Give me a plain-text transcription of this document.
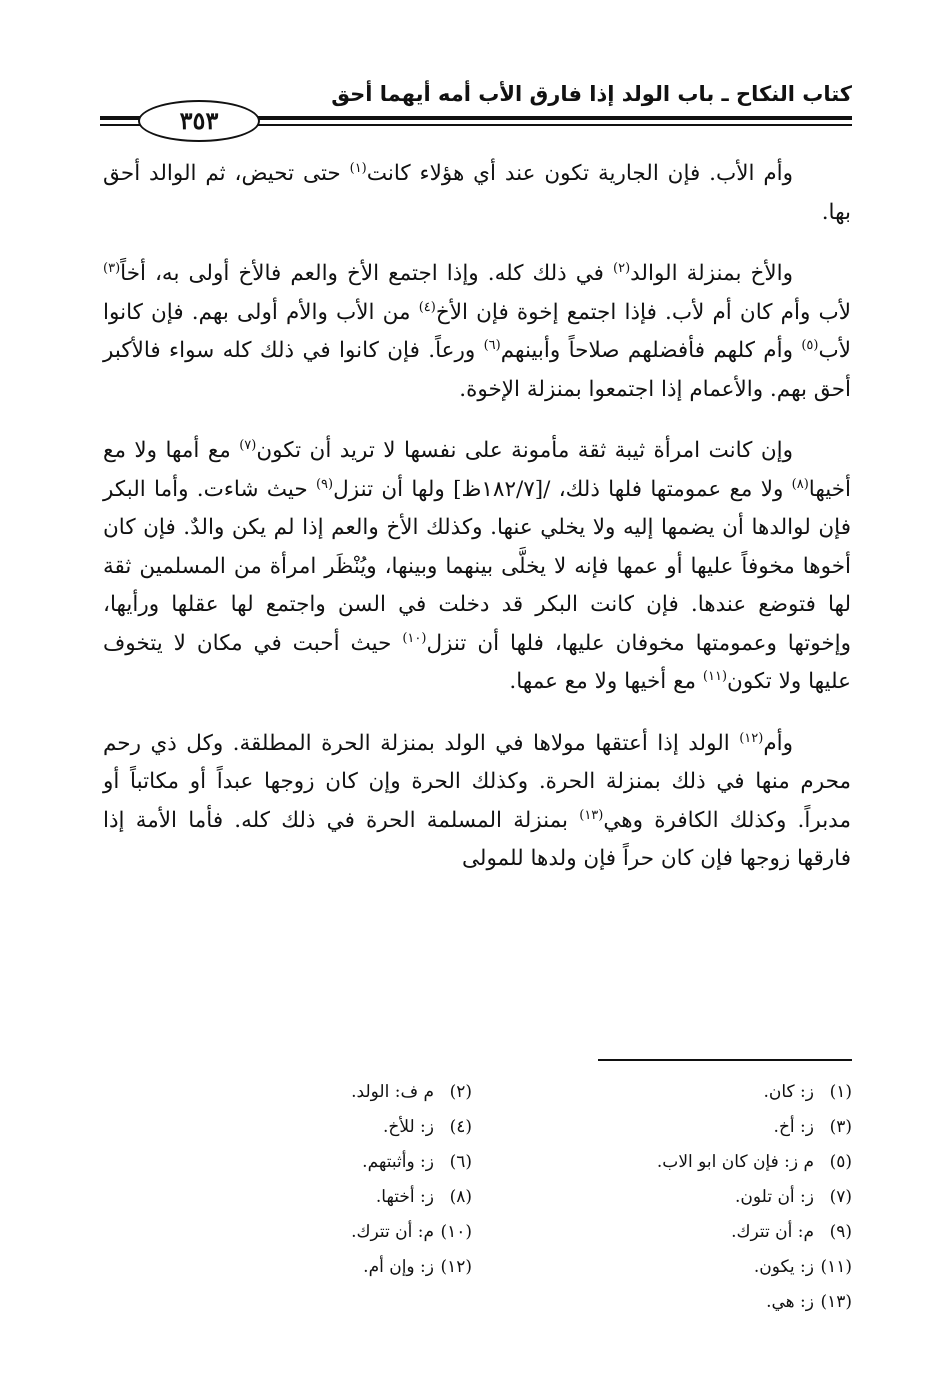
كتاب النكاح ـ باب الولد إذا فارق الأب أمه أيهما أحق
٣٥٣

وأم الأب. فإن الجارية تكون عند أي هؤلاء كانت$^{(١)}$ حتى تحيض، ثم الوالد أحق بها.

والأخ بمنزلة الوالد$^{(٢)}$ في ذلك كله. وإذا اجتمع الأخ والعم فالأخ أولى به، أخاً$^{(٣)}$ لأب وأم كان أم لأب. فإذا اجتمع إخوة فإن الأخ$^{(٤)}$ من الأب والأم أولى بهم. فإن كانوا لأب$^{(٥)}$ وأم كلهم فأفضلهم صلاحاً وأبينهم$^{(٦)}$ ورعاً. فإن كانوا في ذلك كله سواء فالأكبر أحق بهم. والأعمام إذا اجتمعوا بمنزلة الإخوة.

وإن كانت امرأة ثيبة ثقة مأمونة على نفسها لا تريد أن تكون$^{(٧)}$ مع أمها ولا مع أخيها$^{(٨)}$ ولا مع عمومتها فلها ذلك، /[١٨٢/٧ظ] ولها أن تنزل$^{(٩)}$ حيث شاءت. وأما البكر فإن لوالدها أن يضمها إليه ولا يخلي عنها. وكذلك الأخ والعم إذا لم يكن والدٌ. فإن كان أخوها مخوفاً عليها أو عمها فإنه لا يخلَّى بينهما وبينها، ويُنْظَر امرأة من المسلمين ثقة لها فتوضع عندها. فإن كانت البكر قد دخلت في السن واجتمع لها عقلها ورأيها، وإخوتها وعمومتها مخوفان عليها، فلها أن تنزل$^{(١٠)}$ حيث أحبت في مكان لا يتخوف عليها ولا تكون$^{(١١)}$ مع أخيها ولا مع عمها.

وأم$^{(١٢)}$ الولد إذا أعتقها مولاها في الولد بمنزلة الحرة المطلقة. وكل ذي رحم محرم منها في ذلك بمنزلة الحرة. وكذلك الحرة وإن كان زوجها عبداً أو مكاتباً أو مدبراً. وكذلك الكافرة وهي$^{(١٣)}$ بمنزلة المسلمة الحرة في ذلك كله. فأما الأمة إذا فارقها زوجها فإن كان حراً فإن ولدها للمولى

(١)ز: كان.
(٣)ز: أخ.
(٥)م ز: فإن كان ابو الاب.
(٧)ز: أن تلون.
(٩)م: أن تترك.
(١١)ز: يكون.
(١٣)ز: هي.
(٢)م ف: الولد.
(٤)ز: للأخ.
(٦)ز: وأثبتهم.
(٨)ز: أختها.
(١٠)م: أن تترك.
(١٢)ز: وإن أم.
